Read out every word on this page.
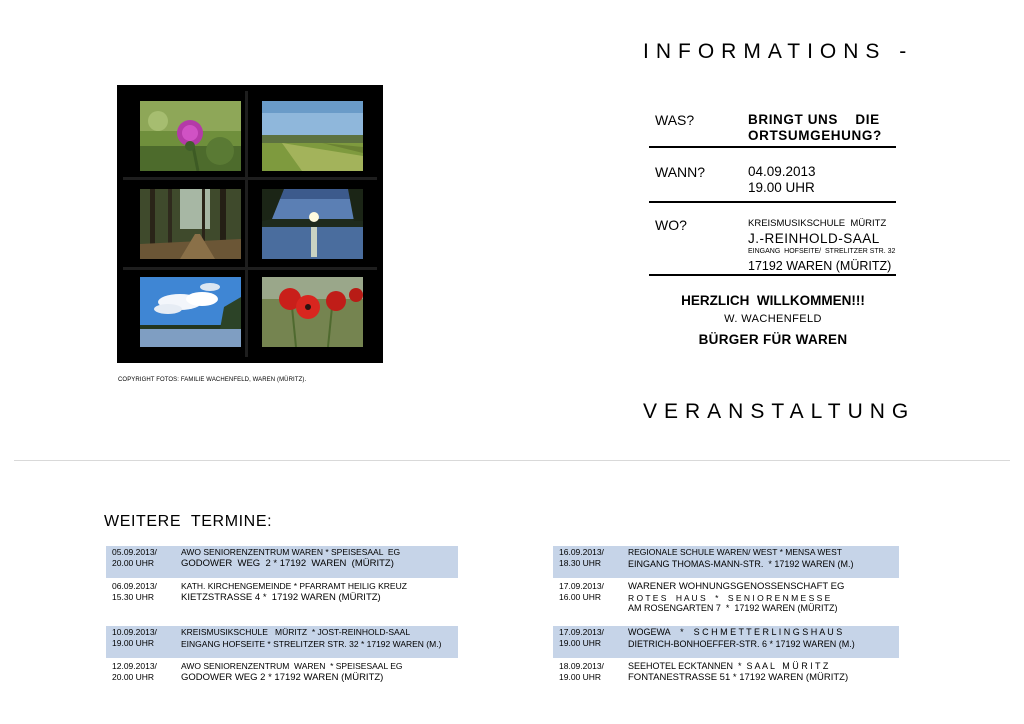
COPYRIGHT FOTOS: FAMILIE WACHENFELD, WAREN (MÜRITZ).
INFORMATIONS -
WAS?	BRINGT UNS    DIE
ORTSUMGEHUNG?
WANN?	04.09.2013
19.00 UHR
WO?	KREISMUSIKSCHULE  MÜRITZ
J.-REINHOLD-SAAL
EINGANG  HOFSEITE/  STRELITZER STR. 32
17192 WAREN (MÜRITZ)
HERZLICH  WILLKOMMEN!!!
W. WACHENFELD
BÜRGER FÜR WAREN
VERANSTALTUNG
WEITERE  TERMINE:
05.09.2013/
20.00 UHR
AWO SENIORENZENTRUM WAREN * SPEISESAAL  EG
GODOWER  WEG  2 * 17192  WAREN  (MÜRITZ)
06.09.2013/
15.30 UHR
KATH. KIRCHENGEMEINDE * PFARRAMT HEILIG KREUZ
KIETZSTRASSE 4 *  17192 WAREN (MÜRITZ)
10.09.2013/
19.00 UHR
KREISMUSIKSCHULE   MÜRITZ  * JOST-REINHOLD-SAAL
EINGANG HOFSEITE * STRELITZER STR. 32 * 17192 WAREN (M.)
12.09.2013/
20.00 UHR
AWO SENIORENZENTRUM  WAREN  * SPEISESAAL EG
GODOWER WEG 2 * 17192 WAREN (MÜRITZ)
16.09.2013/
18.30 UHR
REGIONALE SCHULE WAREN/ WEST * MENSA WEST
EINGANG THOMAS-MANN-STR.  * 17192 WAREN (M.)
17.09.2013/
16.00 UHR
WARENER WOHNUNGSGENOSSENSCHAFT EG
R O T E S    H A U S    *    S E N I O R E N M E S S E
AM ROSENGARTEN 7  *  17192 WAREN (MÜRITZ)
17.09.2013/
19.00 UHR
WOGEWA    *    S C H M E T T E R L I N G S H A U S
DIETRICH-BONHOEFFER-STR. 6 * 17192 WAREN (M.)
18.09.2013/
19.00 UHR
SEEHOTEL ECKTANNEN  *  S A A L   M Ü R I T Z
FONTANESTRASSE 51 * 17192 WAREN (MÜRITZ)
